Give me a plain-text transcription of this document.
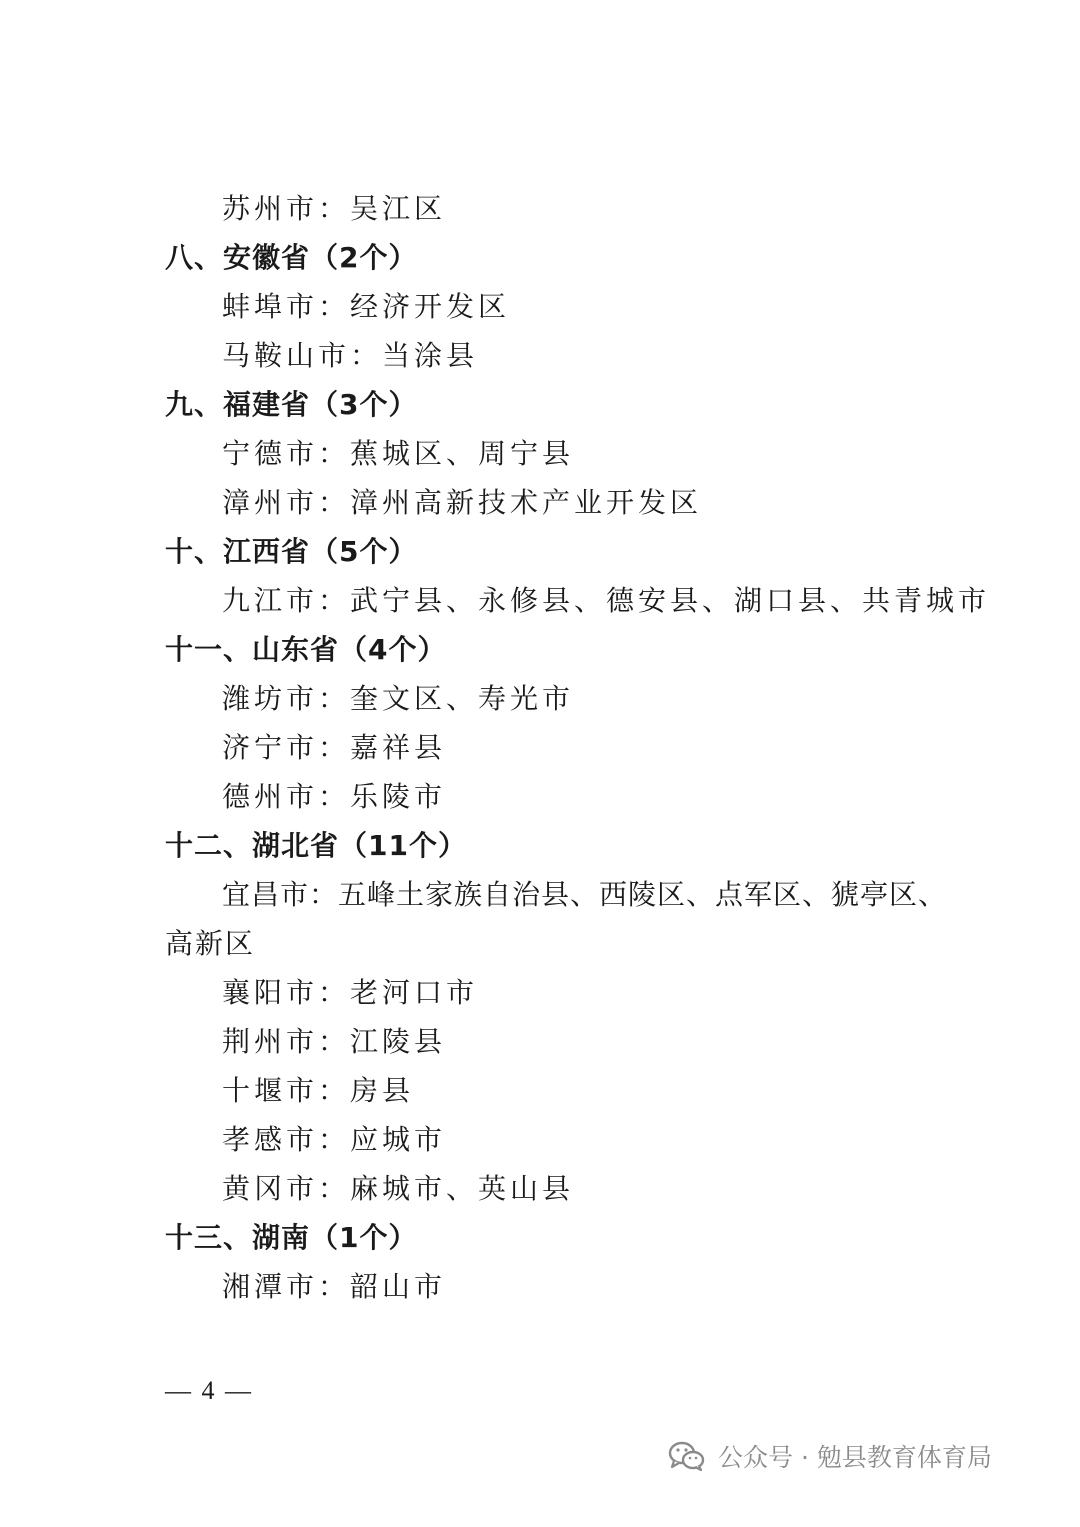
苏州市：吴江区
八、安徽省（2个）
蚌埠市：经济开发区
马鞍山市：当涂县
九、福建省（3个）
宁德市：蕉城区、周宁县
漳州市：漳州高新技术产业开发区
十、江西省（5个）
九江市：武宁县、永修县、德安县、湖口县、共青城市
十一、山东省（4个）
潍坊市：奎文区、寿光市
济宁市：嘉祥县
德州市：乐陵市
十二、湖北省（11个）
宜昌市：五峰土家族自治县、西陵区、点军区、猇亭区、
高新区
襄阳市：老河口市
荆州市：江陵县
十堰市：房县
孝感市：应城市
黄冈市：麻城市、英山县
十三、湖南（1个）
湘潭市：韶山市
— 4 —
公众号 · 勉县教育体育局
